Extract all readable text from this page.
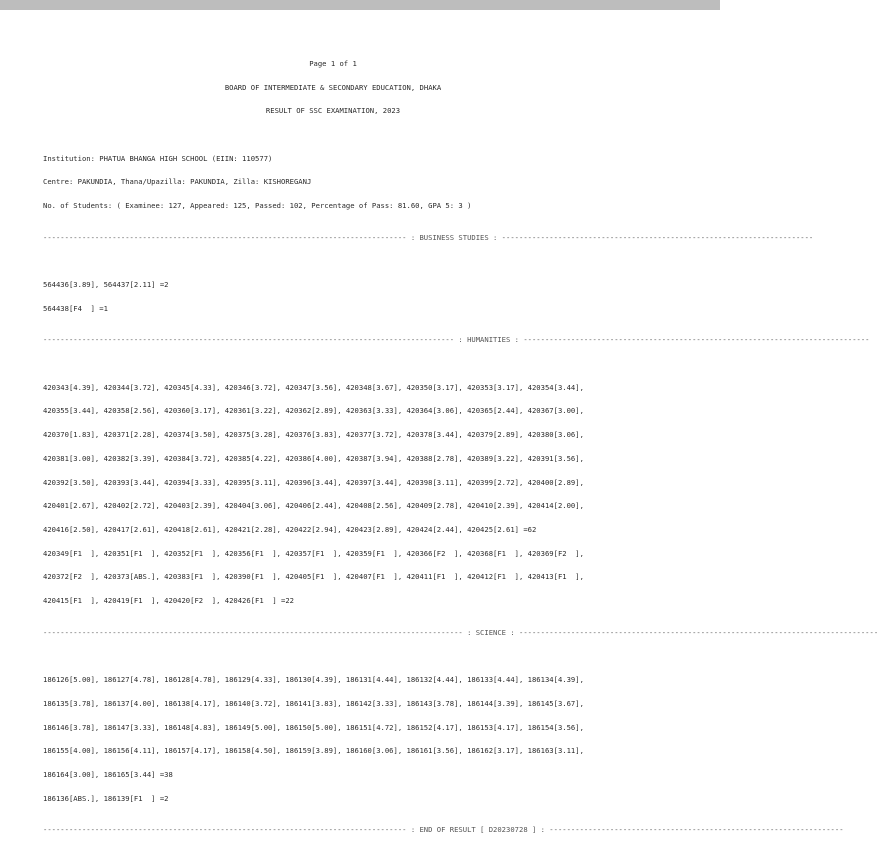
Page 1 of 1

BOARD OF INTERMEDIATE & SECONDARY EDUCATION, DHAKA

RESULT OF SSC EXAMINATION, 2023

Institution: PHATUA BHANGA HIGH SCHOOL (EIIN: 110577)

Centre: PAKUNDIA, Thana/Upazilla: PAKUNDIA, Zilla: KISHOREGANJ

No. of Students: ( Examinee: 127, Appeared: 125, Passed: 102, Percentage of Pass: 81.60, GPA 5: 3 )

------------------------------------------------------------------------------------ : BUSINESS STUDIES : ------------------------------------------------------------------------

564436[3.89], 564437[2.11] =2

564438[F4  ] =1

----------------------------------------------------------------------------------------------- : HUMANITIES : --------------------------------------------------------------------------------

420343[4.39], 420344[3.72], 420345[4.33], 420346[3.72], 420347[3.56], 420348[3.67], 420350[3.17], 420353[3.17], 420354[3.44],

420355[3.44], 420358[2.56], 420360[3.17], 420361[3.22], 420362[2.89], 420363[3.33], 420364[3.06], 420365[2.44], 420367[3.00],

420370[1.83], 420371[2.28], 420374[3.50], 420375[3.28], 420376[3.83], 420377[3.72], 420378[3.44], 420379[2.89], 420380[3.06],

420381[3.00], 420382[3.39], 420384[3.72], 420385[4.22], 420386[4.00], 420387[3.94], 420388[2.78], 420389[3.22], 420391[3.56],

420392[3.50], 420393[3.44], 420394[3.33], 420395[3.11], 420396[3.44], 420397[3.44], 420398[3.11], 420399[2.72], 420400[2.89],

420401[2.67], 420402[2.72], 420403[2.39], 420404[3.06], 420406[2.44], 420408[2.56], 420409[2.78], 420410[2.39], 420414[2.00],

420416[2.50], 420417[2.61], 420418[2.61], 420421[2.28], 420422[2.94], 420423[2.89], 420424[2.44], 420425[2.61] =62

420349[F1  ], 420351[F1  ], 420352[F1  ], 420356[F1  ], 420357[F1  ], 420359[F1  ], 420366[F2  ], 420368[F1  ], 420369[F2  ],

420372[F2  ], 420373[ABS.], 420383[F1  ], 420390[F1  ], 420405[F1  ], 420407[F1  ], 420411[F1  ], 420412[F1  ], 420413[F1  ],

420415[F1  ], 420419[F1  ], 420420[F2  ], 420426[F1  ] =22

------------------------------------------------------------------------------------------------- : SCIENCE : -----------------------------------------------------------------------------------

186126[5.00], 186127[4.78], 186128[4.78], 186129[4.33], 186130[4.39], 186131[4.44], 186132[4.44], 186133[4.44], 186134[4.39],

186135[3.78], 186137[4.00], 186138[4.17], 186140[3.72], 186141[3.83], 186142[3.33], 186143[3.78], 186144[3.39], 186145[3.67],

186146[3.78], 186147[3.33], 186148[4.83], 186149[5.00], 186150[5.00], 186151[4.72], 186152[4.17], 186153[4.17], 186154[3.56],

186155[4.00], 186156[4.11], 186157[4.17], 186158[4.50], 186159[3.89], 186160[3.06], 186161[3.56], 186162[3.17], 186163[3.11],

186164[3.00], 186165[3.44] =38

186136[ABS.], 186139[F1  ] =2

------------------------------------------------------------------------------------ : END OF RESULT [ D20230728 ] : --------------------------------------------------------------------
